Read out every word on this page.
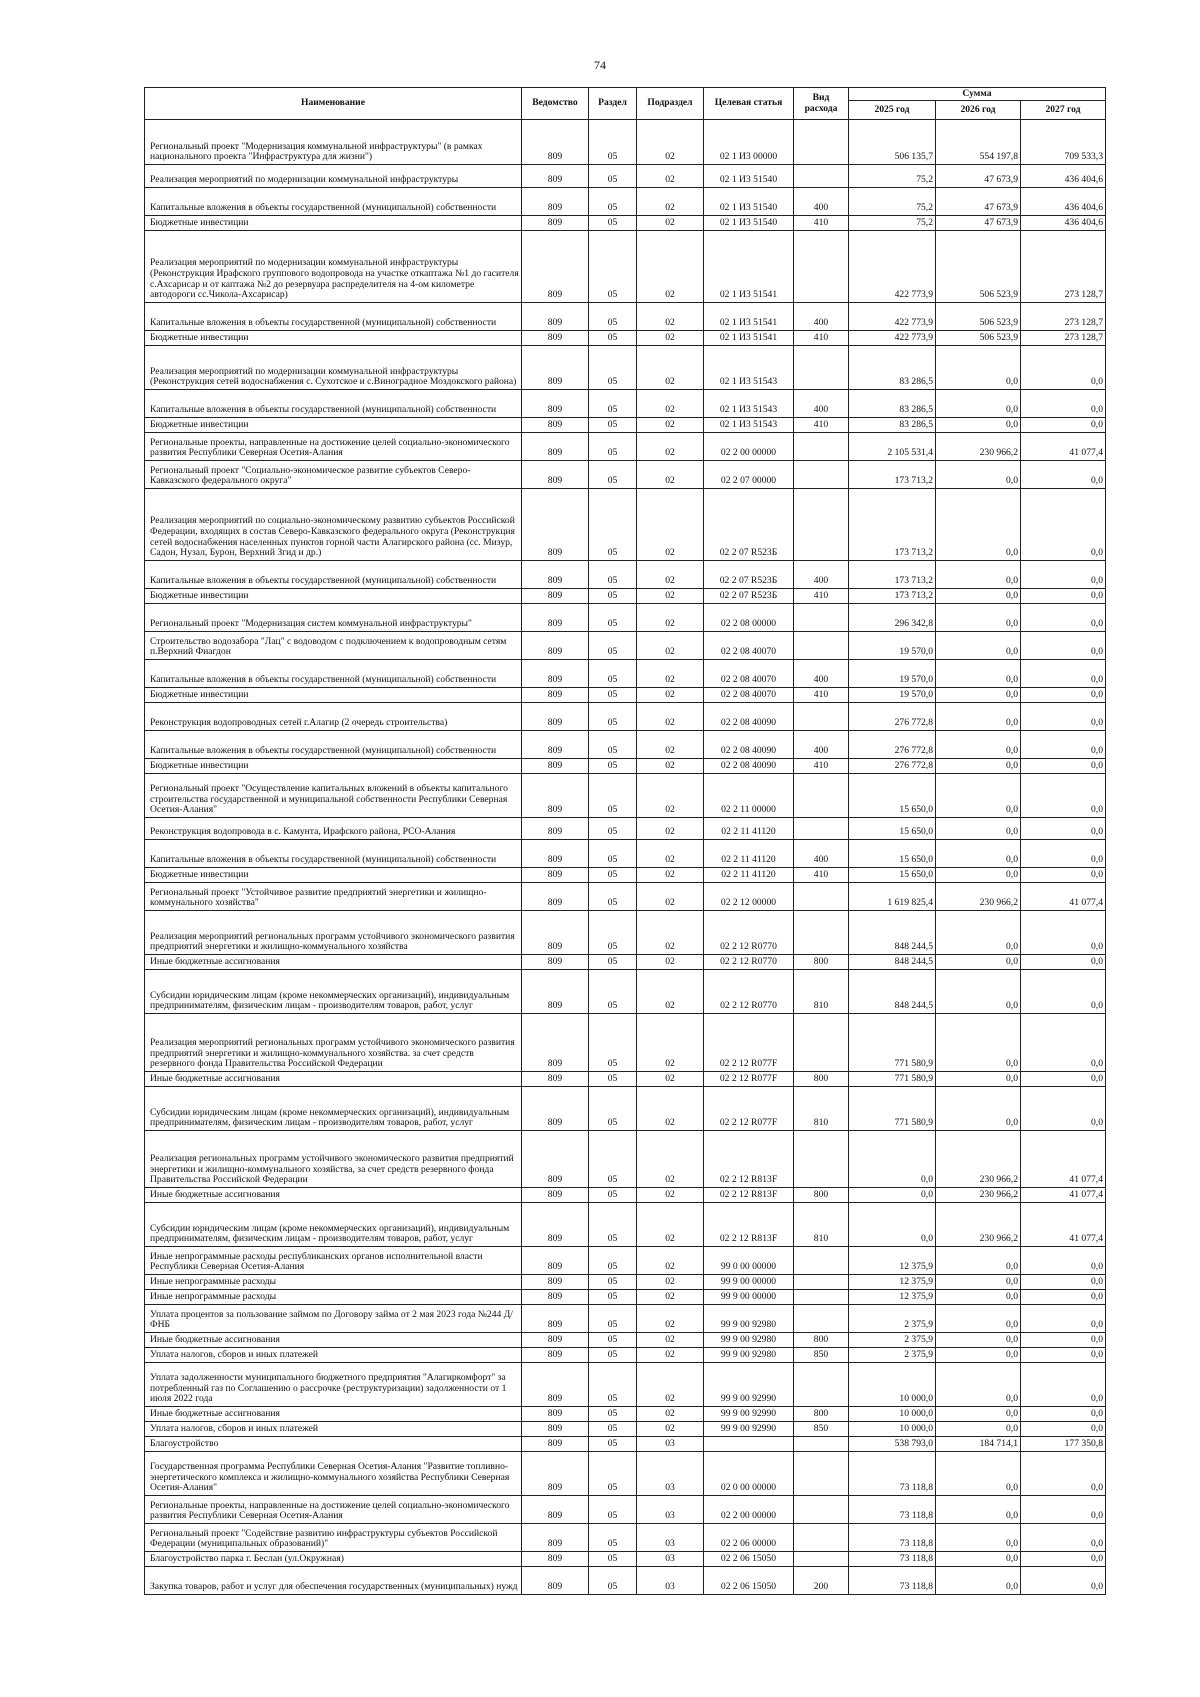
74
Наименование	Ведомство	Раздел	Подраздел	Целевая статья	Вид расхода	Сумма		
						2025 год	2026 год	2027 год
Региональный проект "Модернизация коммунальной инфраструктуры" (в рамках национального проекта "Инфраструктура для жизни")	809	05	02	02 1 И3 00000		506 135,7	554 197,8	709 533,3
Реализация мероприятий по модернизации коммунальной инфраструктуры	809	05	02	02 1 И3 51540		75,2	47 673,9	436 404,6
Капитальные вложения в объекты государственной (муниципальной) собственности	809	05	02	02 1 И3 51540	400	75,2	47 673,9	436 404,6
Бюджетные инвестиции	809	05	02	02 1 И3 51540	410	75,2	47 673,9	436 404,6
Реализация мероприятий по модернизации коммунальной инфраструктуры (Реконструкция Ирафского группового водопровода на участке откаптажа №1 до гасителя с.Ахсарисар и от каптажа №2 до резервуара распределителя на 4-ом километре автодороги сс.Чикола-Ахсарисар)	809	05	02	02 1 И3 51541		422 773,9	506 523,9	273 128,7
Капитальные вложения в объекты государственной (муниципальной) собственности	809	05	02	02 1 И3 51541	400	422 773,9	506 523,9	273 128,7
Бюджетные инвестиции	809	05	02	02 1 И3 51541	410	422 773,9	506 523,9	273 128,7
Реализация мероприятий по модернизации коммунальной инфраструктуры (Реконструкция сетей водоснабжения с. Сухотское и с.Виноградное Моздокского района)	809	05	02	02 1 И3 51543		83 286,5	0,0	0,0
Капитальные вложения в объекты государственной (муниципальной) собственности	809	05	02	02 1 И3 51543	400	83 286,5	0,0	0,0
Бюджетные инвестиции	809	05	02	02 1 И3 51543	410	83 286,5	0,0	0,0
Региональные проекты, направленные на достижение целей социально-экономического развития Республики Северная Осетия-Алания	809	05	02	02 2 00 00000		2 105 531,4	230 966,2	41 077,4
Региональный проект "Социально-экономическое развитие субъектов Северо-Кавказского федерального округа"	809	05	02	02 2 07 00000		173 713,2	0,0	0,0
Реализация мероприятий по социально-экономическому развитию субъектов Российской Федерации, входящих в состав Северо-Кавказского федерального округа (Реконструкция сетей водоснабжения населенных пунктов горной части Алагирского района (сс. Мизур, Садон, Нузал, Бурон, Верхний Згид и др.)	809	05	02	02 2 07 R523Б		173 713,2	0,0	0,0
Капитальные вложения в объекты государственной (муниципальной) собственности	809	05	02	02 2 07 R523Б	400	173 713,2	0,0	0,0
Бюджетные инвестиции	809	05	02	02 2 07 R523Б	410	173 713,2	0,0	0,0
Региональный проект "Модернизация систем коммунальной инфраструктуры"	809	05	02	02 2 08 00000		296 342,8	0,0	0,0
Строительство водозабора "Лац" с водоводом с подключением к водопроводным сетям п.Верхний Фиагдон	809	05	02	02 2 08 40070		19 570,0	0,0	0,0
Капитальные вложения в объекты государственной (муниципальной) собственности	809	05	02	02 2 08 40070	400	19 570,0	0,0	0,0
Бюджетные инвестиции	809	05	02	02 2 08 40070	410	19 570,0	0,0	0,0
Реконструкция водопроводных сетей г.Алагир (2 очередь строительства)	809	05	02	02 2 08 40090		276 772,8	0,0	0,0
Капитальные вложения в объекты государственной (муниципальной) собственности	809	05	02	02 2 08 40090	400	276 772,8	0,0	0,0
Бюджетные инвестиции	809	05	02	02 2 08 40090	410	276 772,8	0,0	0,0
Региональный проект "Осуществление капитальных вложений в объекты капитального строительства государственной и муниципальной собственности Республики Северная Осетия-Алания"	809	05	02	02 2 11 00000		15 650,0	0,0	0,0
Реконструкция водопровода в с. Камунта, Ирафского района, РСО-Алания	809	05	02	02 2 11 41120		15 650,0	0,0	0,0
Капитальные вложения в объекты государственной (муниципальной) собственности	809	05	02	02 2 11 41120	400	15 650,0	0,0	0,0
Бюджетные инвестиции	809	05	02	02 2 11 41120	410	15 650,0	0,0	0,0
Региональный проект "Устойчивое развитие предприятий энергетики и жилищно-коммунального хозяйства"	809	05	02	02 2 12 00000		1 619 825,4	230 966,2	41 077,4
Реализация мероприятий региональных программ устойчивого экономического развития предприятий энергетики и жилищно-коммунального хозяйства	809	05	02	02 2 12 R0770		848 244,5	0,0	0,0
Иные бюджетные ассигнования	809	05	02	02 2 12 R0770	800	848 244,5	0,0	0,0
Субсидии юридическим лицам (кроме некоммерческих организаций), индивидуальным предпринимателям, физическим лицам - производителям товаров, работ, услуг	809	05	02	02 2 12 R0770	810	848 244,5	0,0	0,0
Реализация мероприятий региональных программ устойчивого экономического развития предприятий энергетики и жилищно-коммунального хозяйства. за счет средств резервного фонда Правительства Российской Федерации	809	05	02	02 2 12 R077F		771 580,9	0,0	0,0
Иные бюджетные ассигнования	809	05	02	02 2 12 R077F	800	771 580,9	0,0	0,0
Субсидии юридическим лицам (кроме некоммерческих организаций), индивидуальным предпринимателям, физическим лицам - производителям товаров, работ, услуг	809	05	02	02 2 12 R077F	810	771 580,9	0,0	0,0
Реализация региональных программ устойчивого экономического развития предприятий энергетики и жилищно-коммунального хозяйства, за счет средств резервного фонда Правительства Российской Федерации	809	05	02	02 2 12 R813F		0,0	230 966,2	41 077,4
Иные бюджетные ассигнования	809	05	02	02 2 12 R813F	800	0,0	230 966,2	41 077,4
Субсидии юридическим лицам (кроме некоммерческих организаций), индивидуальным предпринимателям, физическим лицам - производителям товаров, работ, услуг	809	05	02	02 2 12 R813F	810	0,0	230 966,2	41 077,4
Иные непрограммные расходы республиканских органов исполнительной власти Республики Северная Осетия-Алания	809	05	02	99 0 00 00000		12 375,9	0,0	0,0
Иные непрограммные расходы	809	05	02	99 9 00 00000		12 375,9	0,0	0,0
Иные непрограммные расходы	809	05	02	99 9 00 00000		12 375,9	0,0	0,0
Уплата процентов за пользование займом по Договору займа от 2 мая 2023 года №244 Д/ФНБ	809	05	02	99 9 00 92980		2 375,9	0,0	0,0
Иные бюджетные ассигнования	809	05	02	99 9 00 92980	800	2 375,9	0,0	0,0
Уплата налогов, сборов и иных платежей	809	05	02	99 9 00 92980	850	2 375,9	0,0	0,0
Уплата задолженности муниципального бюджетного предприятия "Алагиркомфорт" за потребленный газ по Соглашению о рассрочке (реструктуризации) задолженности от 1 июля 2022 года	809	05	02	99 9 00 92990		10 000,0	0,0	0,0
Иные бюджетные ассигнования	809	05	02	99 9 00 92990	800	10 000,0	0,0	0,0
Уплата налогов, сборов и иных платежей	809	05	02	99 9 00 92990	850	10 000,0	0,0	0,0
Благоустройство	809	05	03			538 793,0	184 714,1	177 350,8
Государственная программа Республики Северная Осетия-Алания "Развитие топливно-энергетического комплекса и жилищно-коммунального хозяйства Республики Северная Осетия-Алания"	809	05	03	02 0 00 00000		73 118,8	0,0	0,0
Региональные проекты, направленные на достижение целей социально-экономического развития Республики Северная Осетия-Алания	809	05	03	02 2 00 00000		73 118,8	0,0	0,0
Региональный проект "Содействие развитию инфраструктуры субъектов Российской Федерации (муниципальных образований)"	809	05	03	02 2 06 00000		73 118,8	0,0	0,0
Благоустройство парка г. Беслан (ул.Окружная)	809	05	03	02 2 06 15050		73 118,8	0,0	0,0
Закупка товаров, работ и услуг для обеспечения государственных (муниципальных) нужд	809	05	03	02 2 06 15050	200	73 118,8	0,0	0,0
